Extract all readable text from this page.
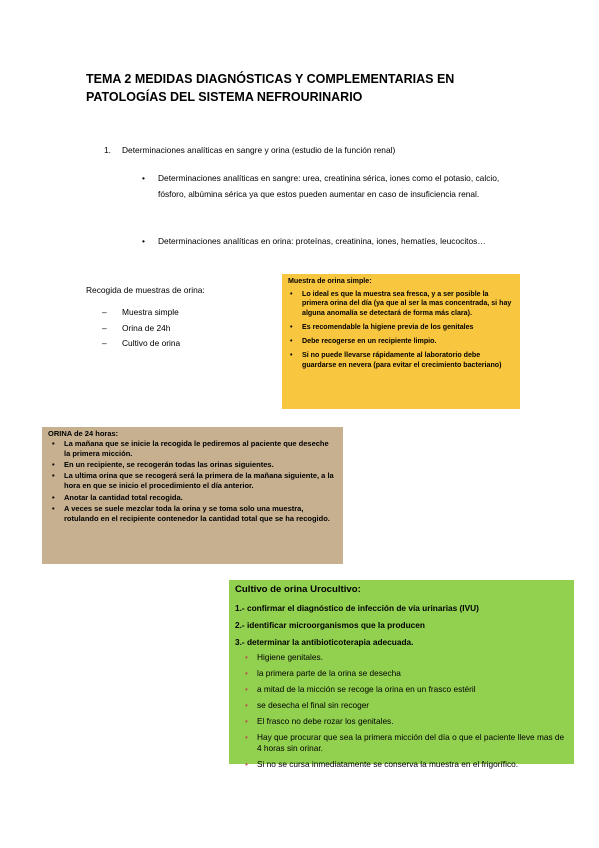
TEMA 2 MEDIDAS DIAGNÓSTICAS Y COMPLEMENTARIAS EN PATOLOGÍAS DEL SISTEMA NEFROURINARIO
1. Determinaciones analíticas en sangre y orina (estudio de la función renal)
• Determinaciones analíticas en sangre: urea, creatinina sérica, iones como el potasio, calcio, fósforo, albúmina sérica ya que estos pueden aumentar en caso de insuficiencia renal.
• Determinaciones analíticas en orina: proteínas, creatinina, iones, hematíes, leucocitos…
Recogida de muestras de orina:
– Muestra simple
– Orina de 24h
– Cultivo de orina
Muestra de orina simple:
• Lo ideal es que la muestra sea fresca, y a ser posible la primera orina del día (ya que al ser la mas concentrada, si hay alguna anomalía se detectará de forma más clara).
• Es recomendable la higiene previa de los genitales
• Debe recogerse en un recipiente limpio.
• Si no puede llevarse rápidamente al laboratorio debe guardarse en nevera (para evitar el crecimiento bacteriano)
ORINA de 24 horas:
• La mañana que se inicie la recogida le pediremos al paciente que deseche la primera micción.
• En un recipiente, se recogerán todas las orinas siguientes.
• La ultima orina que se recogerá será la primera de la mañana siguiente, a la hora en que se inicio el procedimiento el día anterior.
• Anotar la cantidad total recogida.
• A veces se suele mezclar toda la orina y se toma solo una muestra, rotulando en el recipiente contenedor la cantidad total que se ha recogido.
Cultivo de orina Urocultivo:
1.- confirmar el diagnóstico de infección de vía urinarias (IVU)
2.- identificar microorganismos que la producen
3.- determinar la antibioticoterapia adecuada.
• Higiene genitales.
• la primera parte de la orina se desecha
• a mitad de la micción se recoge la orina en un frasco estéril
• se desecha el final sin recoger
• El frasco no debe rozar los genitales.
• Hay que procurar que sea la primera micción del día o que el paciente lleve mas de 4 horas sin orinar.
• Si no se cursa inmediatamente se conserva la muestra en el frigorífico.
